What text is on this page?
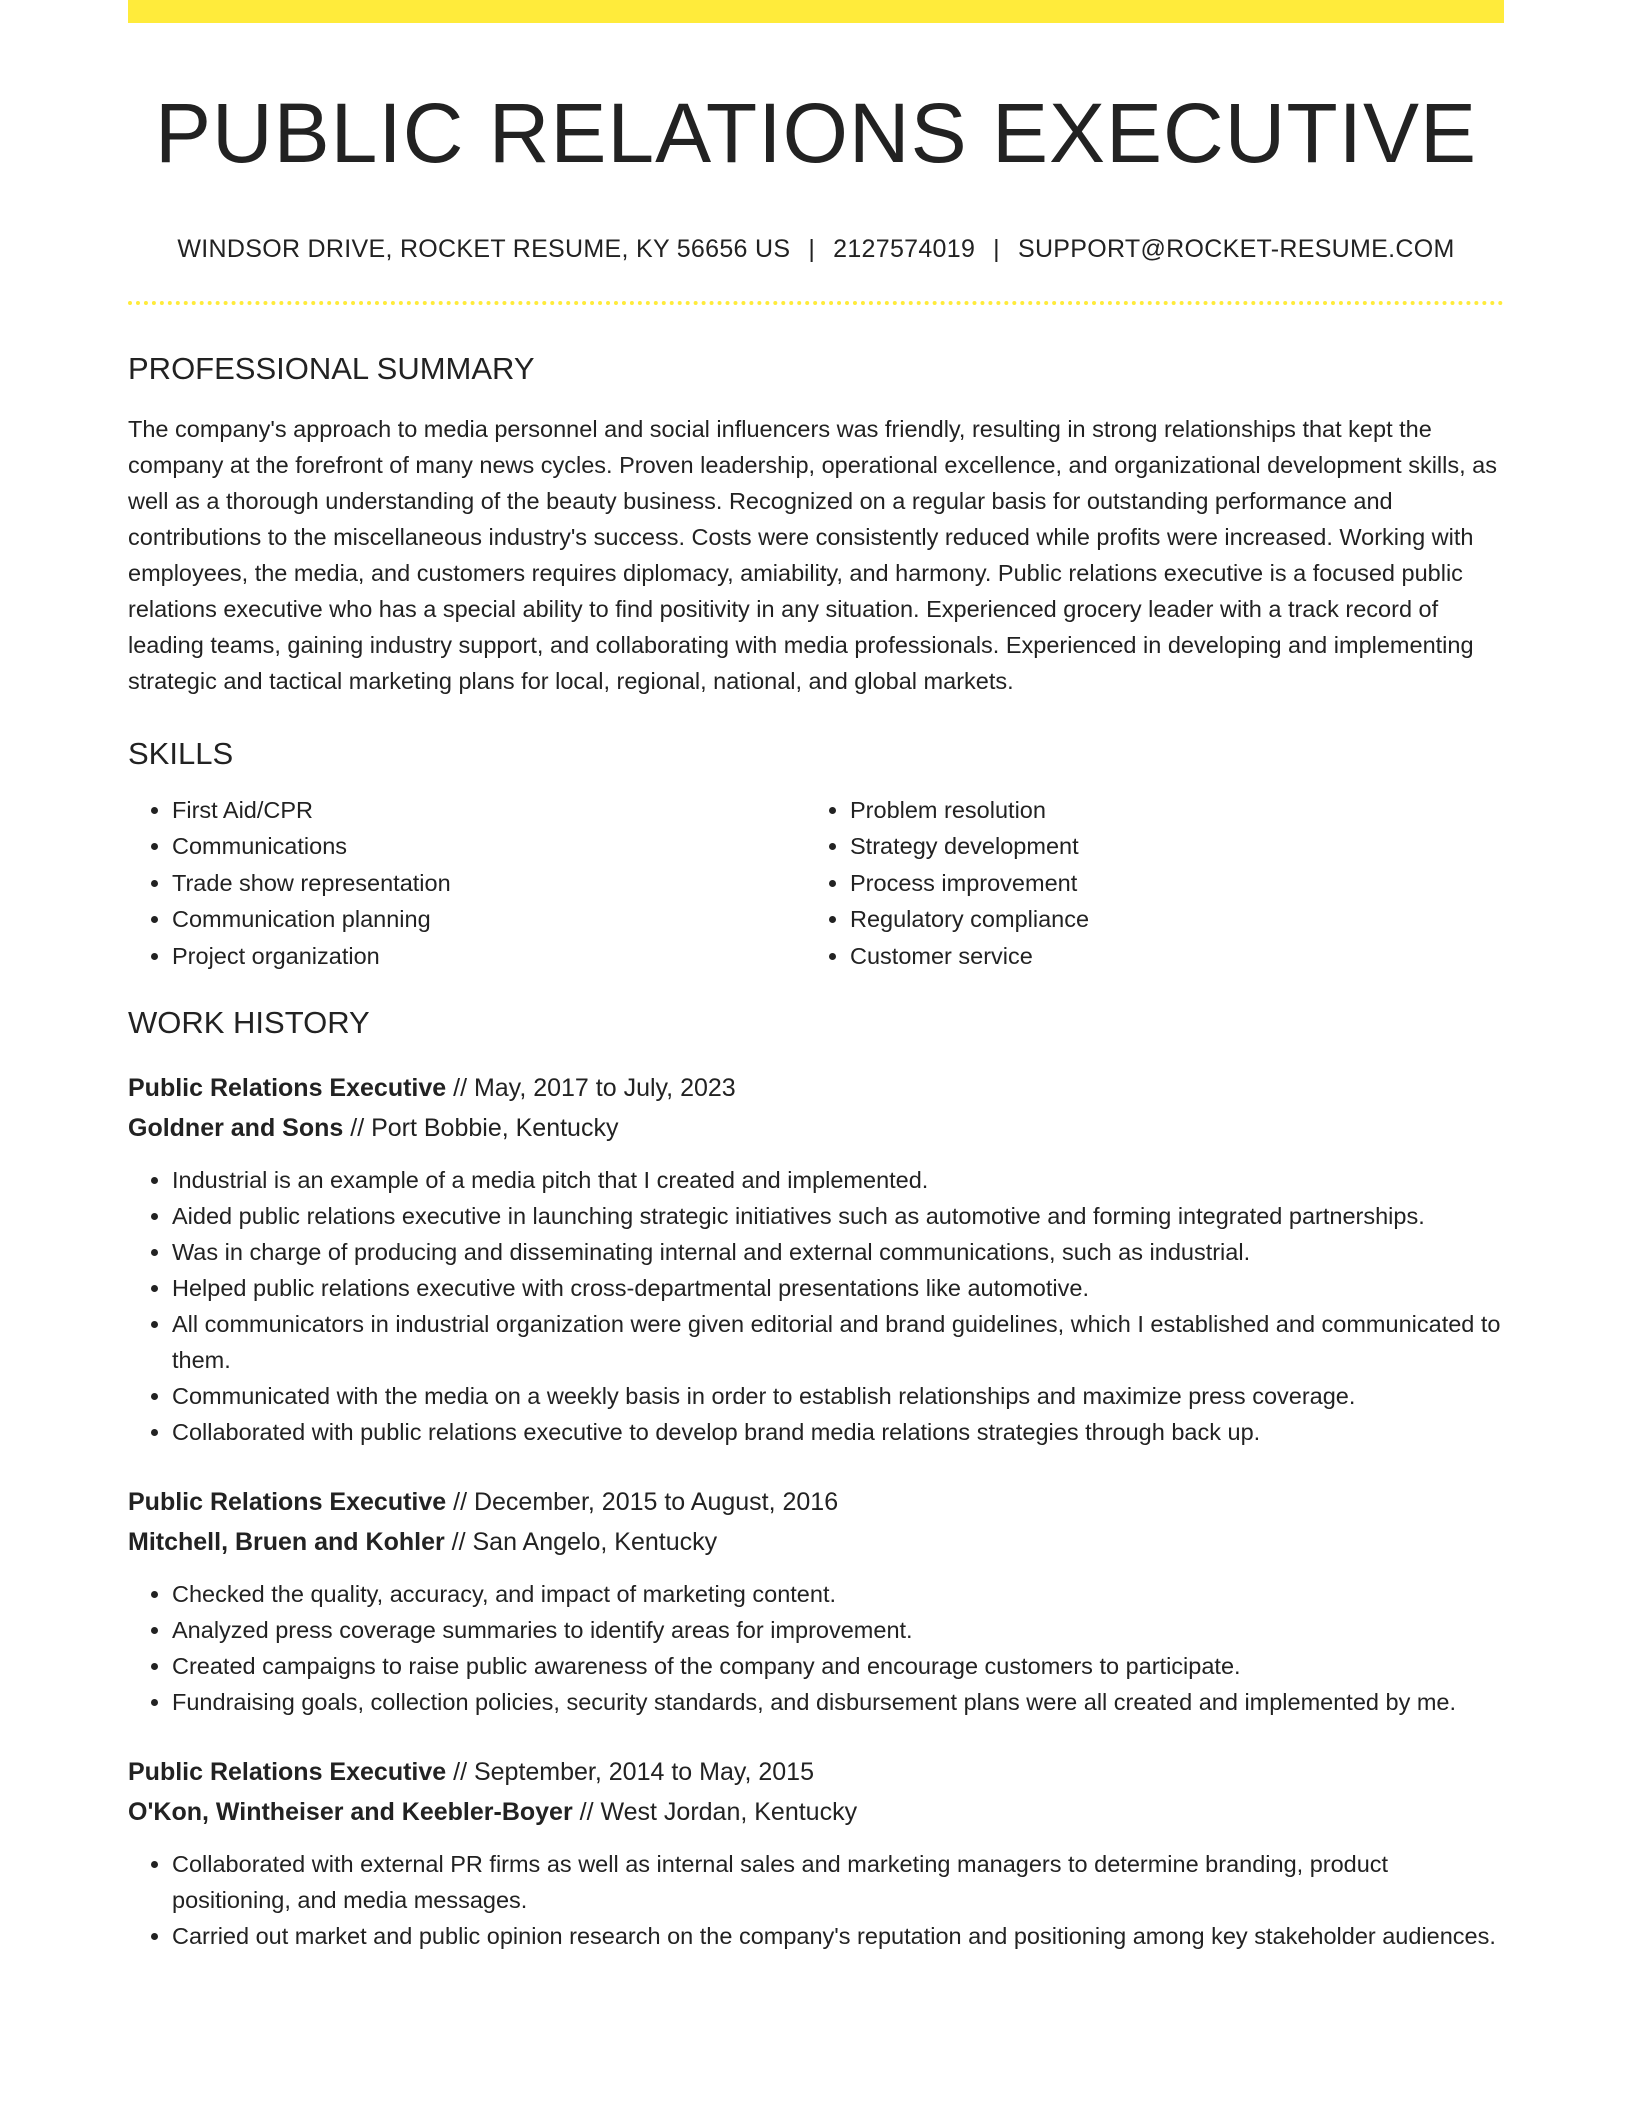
PUBLIC RELATIONS EXECUTIVE
WINDSOR DRIVE, ROCKET RESUME, KY 56656 US | 2127574019 | SUPPORT@ROCKET-RESUME.COM
PROFESSIONAL SUMMARY

The company's approach to media personnel and social influencers was friendly, resulting in strong relationships that kept the company at the forefront of many news cycles. Proven leadership, operational excellence, and organizational development skills, as well as a thorough understanding of the beauty business. Recognized on a regular basis for outstanding performance and contributions to the miscellaneous industry's success. Costs were consistently reduced while profits were increased. Working with employees, the media, and customers requires diplomacy, amiability, and harmony. Public relations executive is a focused public relations executive who has a special ability to find positivity in any situation. Experienced grocery leader with a track record of leading teams, gaining industry support, and collaborating with media professionals. Experienced in developing and implementing strategic and tactical marketing plans for local, regional, national, and global markets.

SKILLS
• First Aid/CPR
• Communications
• Trade show representation
• Communication planning
• Project organization
• Problem resolution
• Strategy development
• Process improvement
• Regulatory compliance
• Customer service
WORK HISTORY
Public Relations Executive // May, 2017 to July, 2023
Goldner and Sons // Port Bobbie, Kentucky
• Industrial is an example of a media pitch that I created and implemented.
• Aided public relations executive in launching strategic initiatives such as automotive and forming integrated partnerships.
• Was in charge of producing and disseminating internal and external communications, such as industrial.
• Helped public relations executive with cross-departmental presentations like automotive.
• All communicators in industrial organization were given editorial and brand guidelines, which I established and communicated to them.
• Communicated with the media on a weekly basis in order to establish relationships and maximize press coverage.
• Collaborated with public relations executive to develop brand media relations strategies through back up.
Public Relations Executive // December, 2015 to August, 2016
Mitchell, Bruen and Kohler // San Angelo, Kentucky
• Checked the quality, accuracy, and impact of marketing content.
• Analyzed press coverage summaries to identify areas for improvement.
• Created campaigns to raise public awareness of the company and encourage customers to participate.
• Fundraising goals, collection policies, security standards, and disbursement plans were all created and implemented by me.
Public Relations Executive // September, 2014 to May, 2015
O'Kon, Wintheiser and Keebler-Boyer // West Jordan, Kentucky
• Collaborated with external PR firms as well as internal sales and marketing managers to determine branding, product positioning, and media messages.
• Carried out market and public opinion research on the company's reputation and positioning among key stakeholder audiences.
